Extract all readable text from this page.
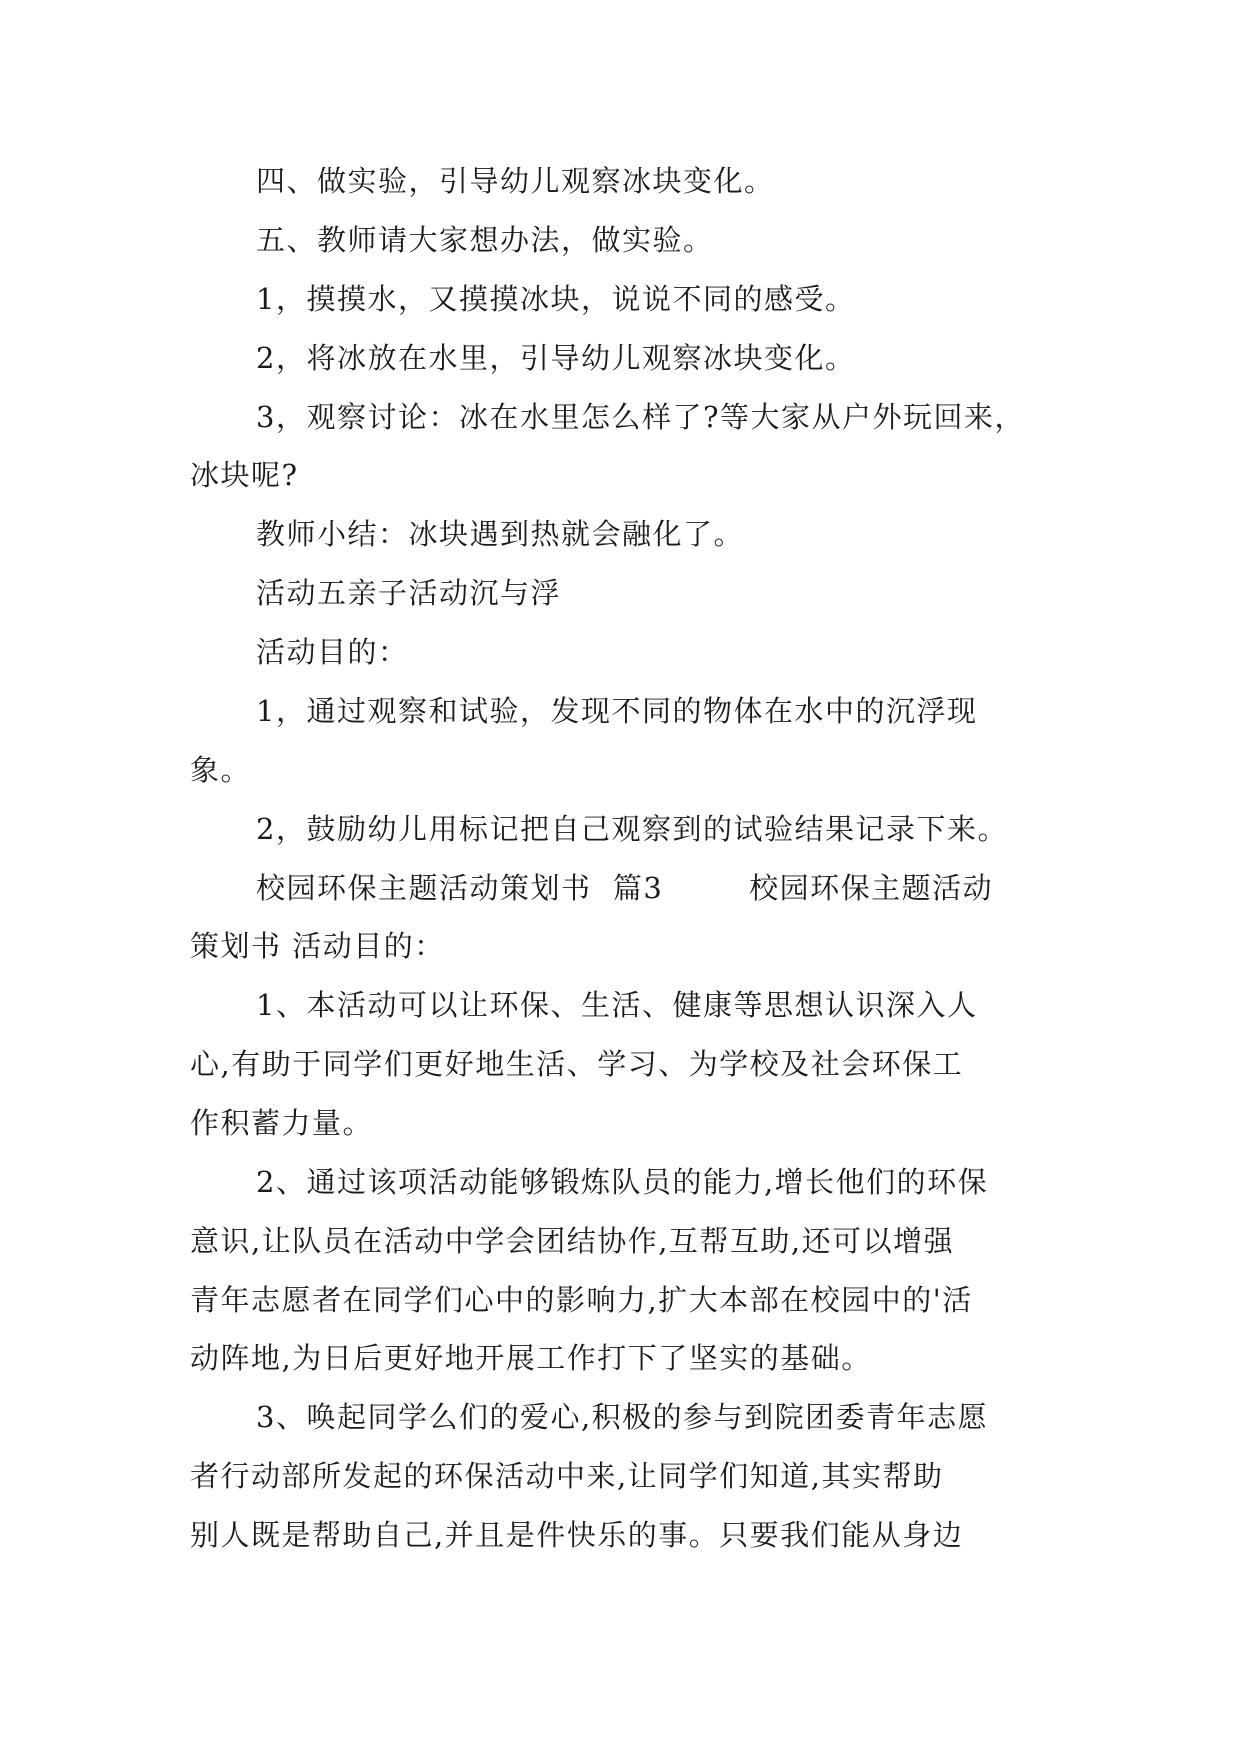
四、做实验，引导幼儿观察冰块变化。
五、教师请大家想办法，做实验。
1，摸摸水，又摸摸冰块，说说不同的感受。
2，将冰放在水里，引导幼儿观察冰块变化。
3，观察讨论：冰在水里怎么样了?等大家从户外玩回来，
冰块呢?
教师小结：冰块遇到热就会融化了。
活动五亲子活动沉与浮
活动目的：
1，通过观察和试验，发现不同的物体在水中的沉浮现
象。
2，鼓励幼儿用标记把自己观察到的试验结果记录下来。
校园环保主题活动策划书  篇3        校园环保主题活动
策划书 活动目的：
1、本活动可以让环保、生活、健康等思想认识深入人
心,有助于同学们更好地生活、学习、为学校及社会环保工
作积蓄力量。
2、通过该项活动能够锻炼队员的能力,增长他们的环保
意识,让队员在活动中学会团结协作,互帮互助,还可以增强
青年志愿者在同学们心中的影响力,扩大本部在校园中的'活
动阵地,为日后更好地开展工作打下了坚实的基础。
3、唤起同学么们的爱心,积极的参与到院团委青年志愿
者行动部所发起的环保活动中来,让同学们知道,其实帮助
别人既是帮助自己,并且是件快乐的事。只要我们能从身边
